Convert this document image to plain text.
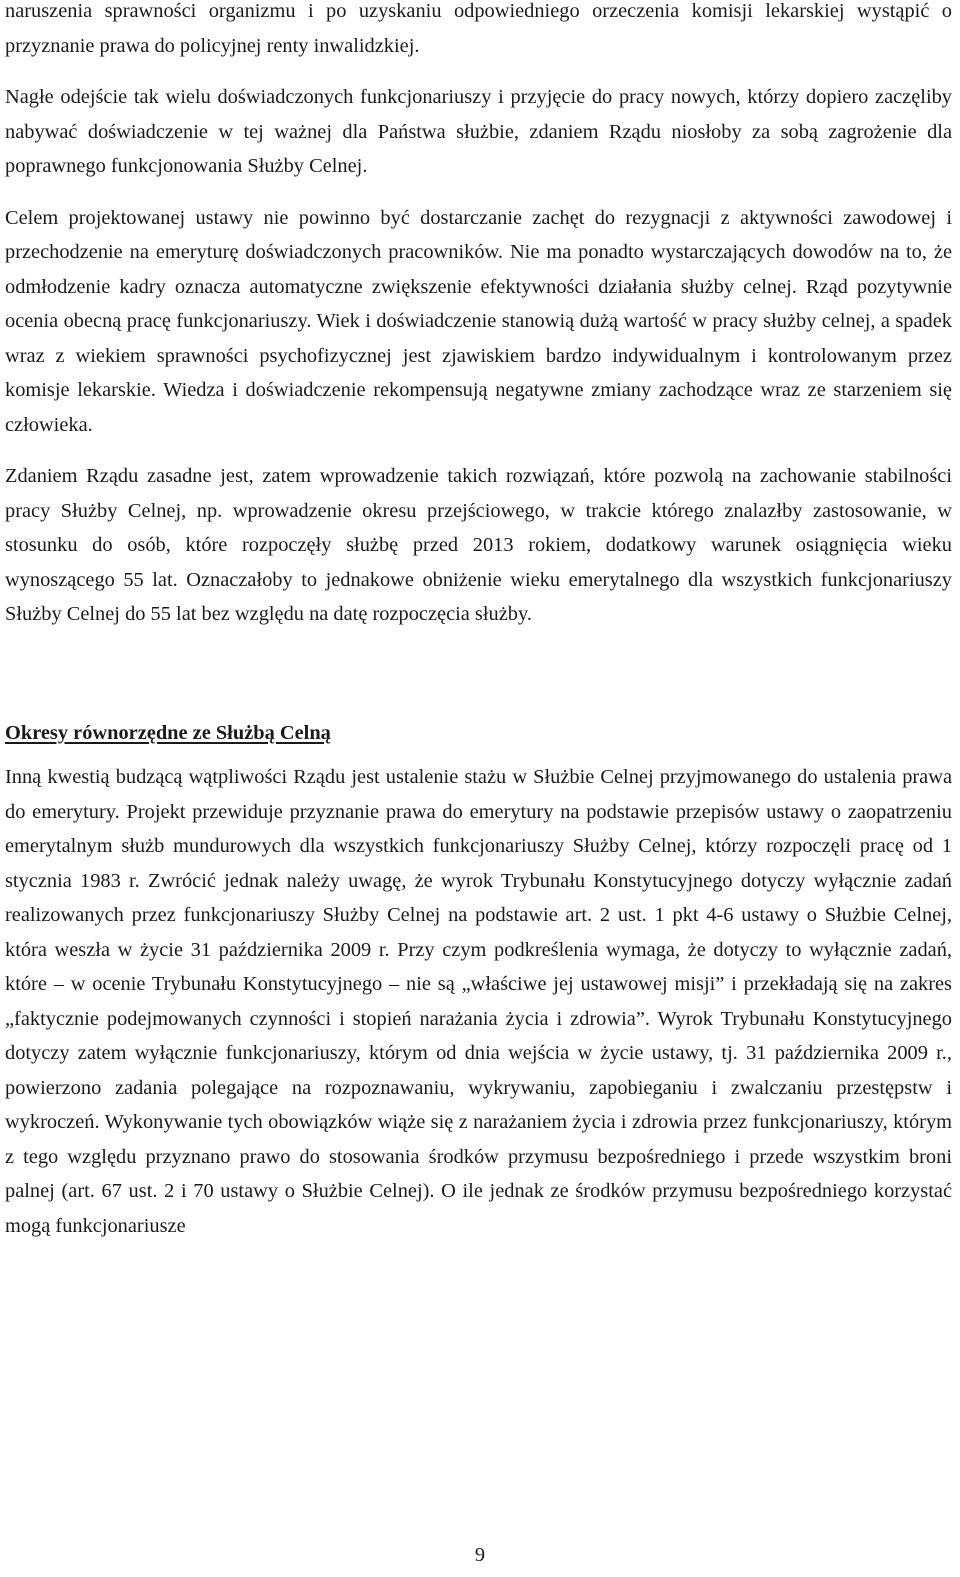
naruszenia sprawności organizmu i po uzyskaniu odpowiedniego orzeczenia komisji lekarskiej wystąpić o przyznanie prawa do policyjnej renty inwalidzkiej.

Nagłe odejście tak wielu doświadczonych funkcjonariuszy i przyjęcie do pracy nowych, którzy dopiero zaczęliby nabywać doświadczenie w tej ważnej dla Państwa służbie, zdaniem Rządu niosłoby za sobą zagrożenie dla poprawnego funkcjonowania Służby Celnej.

Celem projektowanej ustawy nie powinno być dostarczanie zachęt do rezygnacji z aktywności zawodowej i przechodzenie na emeryturę doświadczonych pracowników. Nie ma ponadto wystarczających dowodów na to, że odmłodzenie kadry oznacza automatyczne zwiększenie efektywności działania służby celnej. Rząd pozytywnie ocenia obecną pracę funkcjonariuszy. Wiek i doświadczenie stanowią dużą wartość w pracy służby celnej, a spadek wraz z wiekiem sprawności psychofizycznej jest zjawiskiem bardzo indywidualnym i kontrolowanym przez komisje lekarskie. Wiedza i doświadczenie rekompensują negatywne zmiany zachodzące wraz ze starzeniem się człowieka.

Zdaniem Rządu zasadne jest, zatem wprowadzenie takich rozwiązań, które pozwolą na zachowanie stabilności pracy Służby Celnej, np. wprowadzenie okresu przejściowego, w trakcie którego znalazłby zastosowanie, w stosunku do osób, które rozpoczęły służbę przed 2013 rokiem, dodatkowy warunek osiągnięcia wieku wynoszącego 55 lat. Oznaczałoby to jednakowe obniżenie wieku emerytalnego dla wszystkich funkcjonariuszy Służby Celnej do 55 lat bez względu na datę rozpoczęcia służby.

Okresy równorzędne ze Służbą Celną

Inną kwestią budzącą wątpliwości Rządu jest ustalenie stażu w Służbie Celnej przyjmowanego do ustalenia prawa do emerytury. Projekt przewiduje przyznanie prawa do emerytury na podstawie przepisów ustawy o zaopatrzeniu emerytalnym służb mundurowych dla wszystkich funkcjonariuszy Służby Celnej, którzy rozpoczęli pracę od 1 stycznia 1983 r. Zwrócić jednak należy uwagę, że wyrok Trybunału Konstytucyjnego dotyczy wyłącznie zadań realizowanych przez funkcjonariuszy Służby Celnej na podstawie art. 2 ust. 1 pkt 4-6 ustawy o Służbie Celnej, która weszła w życie 31 października 2009 r. Przy czym podkreślenia wymaga, że dotyczy to wyłącznie zadań, które – w ocenie Trybunału Konstytucyjnego – nie są „właściwe jej ustawowej misji” i przekładają się na zakres „faktycznie podejmowanych czynności i stopień narażania życia i zdrowia”. Wyrok Trybunału Konstytucyjnego dotyczy zatem wyłącznie funkcjonariuszy, którym od dnia wejścia w życie ustawy, tj. 31 października 2009 r., powierzono zadania polegające na rozpoznawaniu, wykrywaniu, zapobieganiu i zwalczaniu przestępstw i wykroczeń. Wykonywanie tych obowiązków wiąże się z narażaniem życia i zdrowia przez funkcjonariuszy, którym z tego względu przyznano prawo do stosowania środków przymusu bezpośredniego i przede wszystkim broni palnej (art. 67 ust. 2 i 70 ustawy o Służbie Celnej). O ile jednak ze środków przymusu bezpośredniego korzystać mogą funkcjonariusze

9
